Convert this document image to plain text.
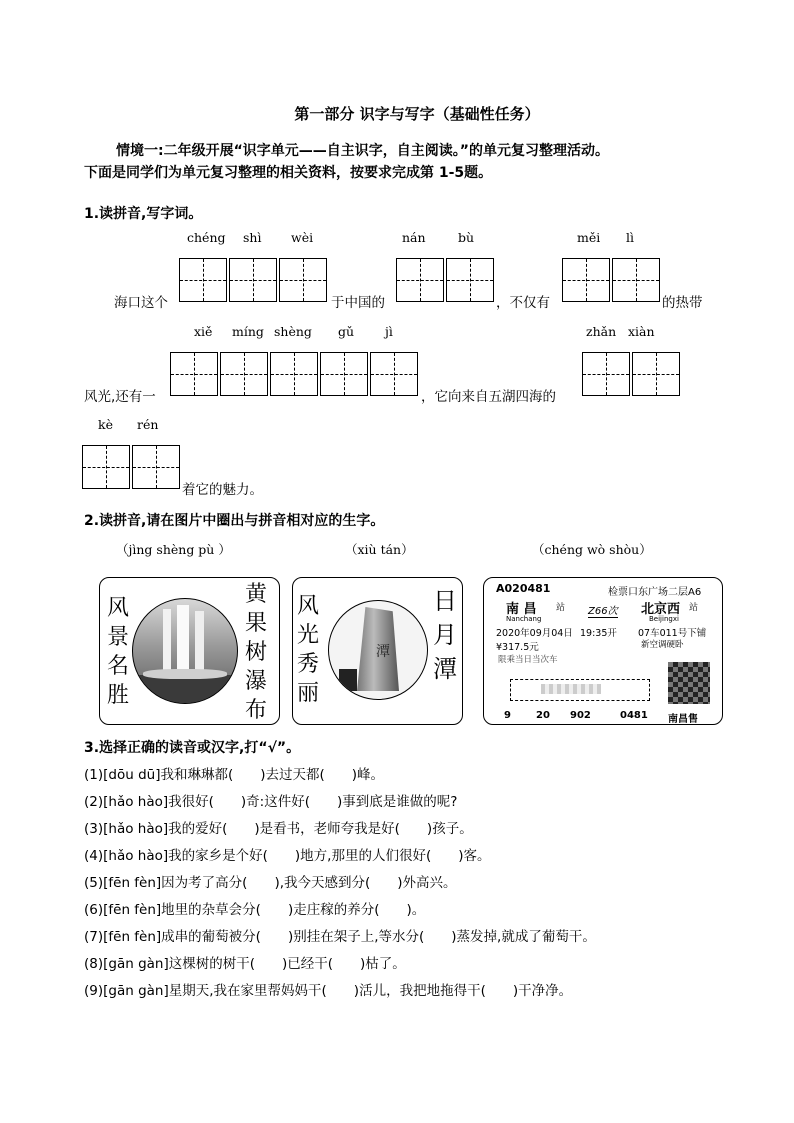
第一部分 识字与写字（基础性任务）
情境一:二年级开展“识字单元——自主识字，自主阅读。”的单元复习整理活动。
下面是同学们为单元复习整理的相关资料，按要求完成第 1-5题。
1.读拼音,写字词。
chéng shì wèi	nán	bù	měi lì
海口这个	于中国的	，不仅有	的热带
xiě míng shèng gǔ jì	zhǎn xiàn
风光,还有一	，它向来自五湖四海的
kè rén
着它的魅力。
2.读拼音,请在图片中圈出与拼音相对应的生字。
（jìng shèng pù ）	（xiù tán）	（chéng wò shòu）
风景名胜
黄果树瀑布
风光秀丽
潭
日月潭
A020481	检票口东广场二层A6
南 昌 站
Nanchang
Z66次 北京西 站
Beijingxi
2020年09月04日 19:35开 07车011号下铺
¥317.5元	新空调硬卧
限乘当日当次车
9	20 902	0481 南昌售
3.选择正确的读音或汉字,打“√”。
(1)[dōu dū]我和琳琳都(　　)去过天都(　　)峰。
(2)[hǎo hào]我很好(　　)奇:这件好(　　)事到底是谁做的呢?
(3)[hǎo hào]我的爱好(　　)是看书，老师夸我是好(　　)孩子。
(4)[hǎo hào]我的家乡是个好(　　)地方,那里的人们很好(　　)客。
(5)[fēn fèn]因为考了高分(　　),我今天感到分(　　)外高兴。
(6)[fēn fèn]地里的杂草会分(　　)走庄稼的养分(　　)。
(7)[fēn fèn]成串的葡萄被分(　　)别挂在架子上,等水分(　　)蒸发掉,就成了葡萄干。
(8)[gān gàn]这棵树的树干(　　)已经干(　　)枯了。
(9)[gān gàn]星期天,我在家里帮妈妈干(　　)活儿，我把地拖得干(　　)干净净。
